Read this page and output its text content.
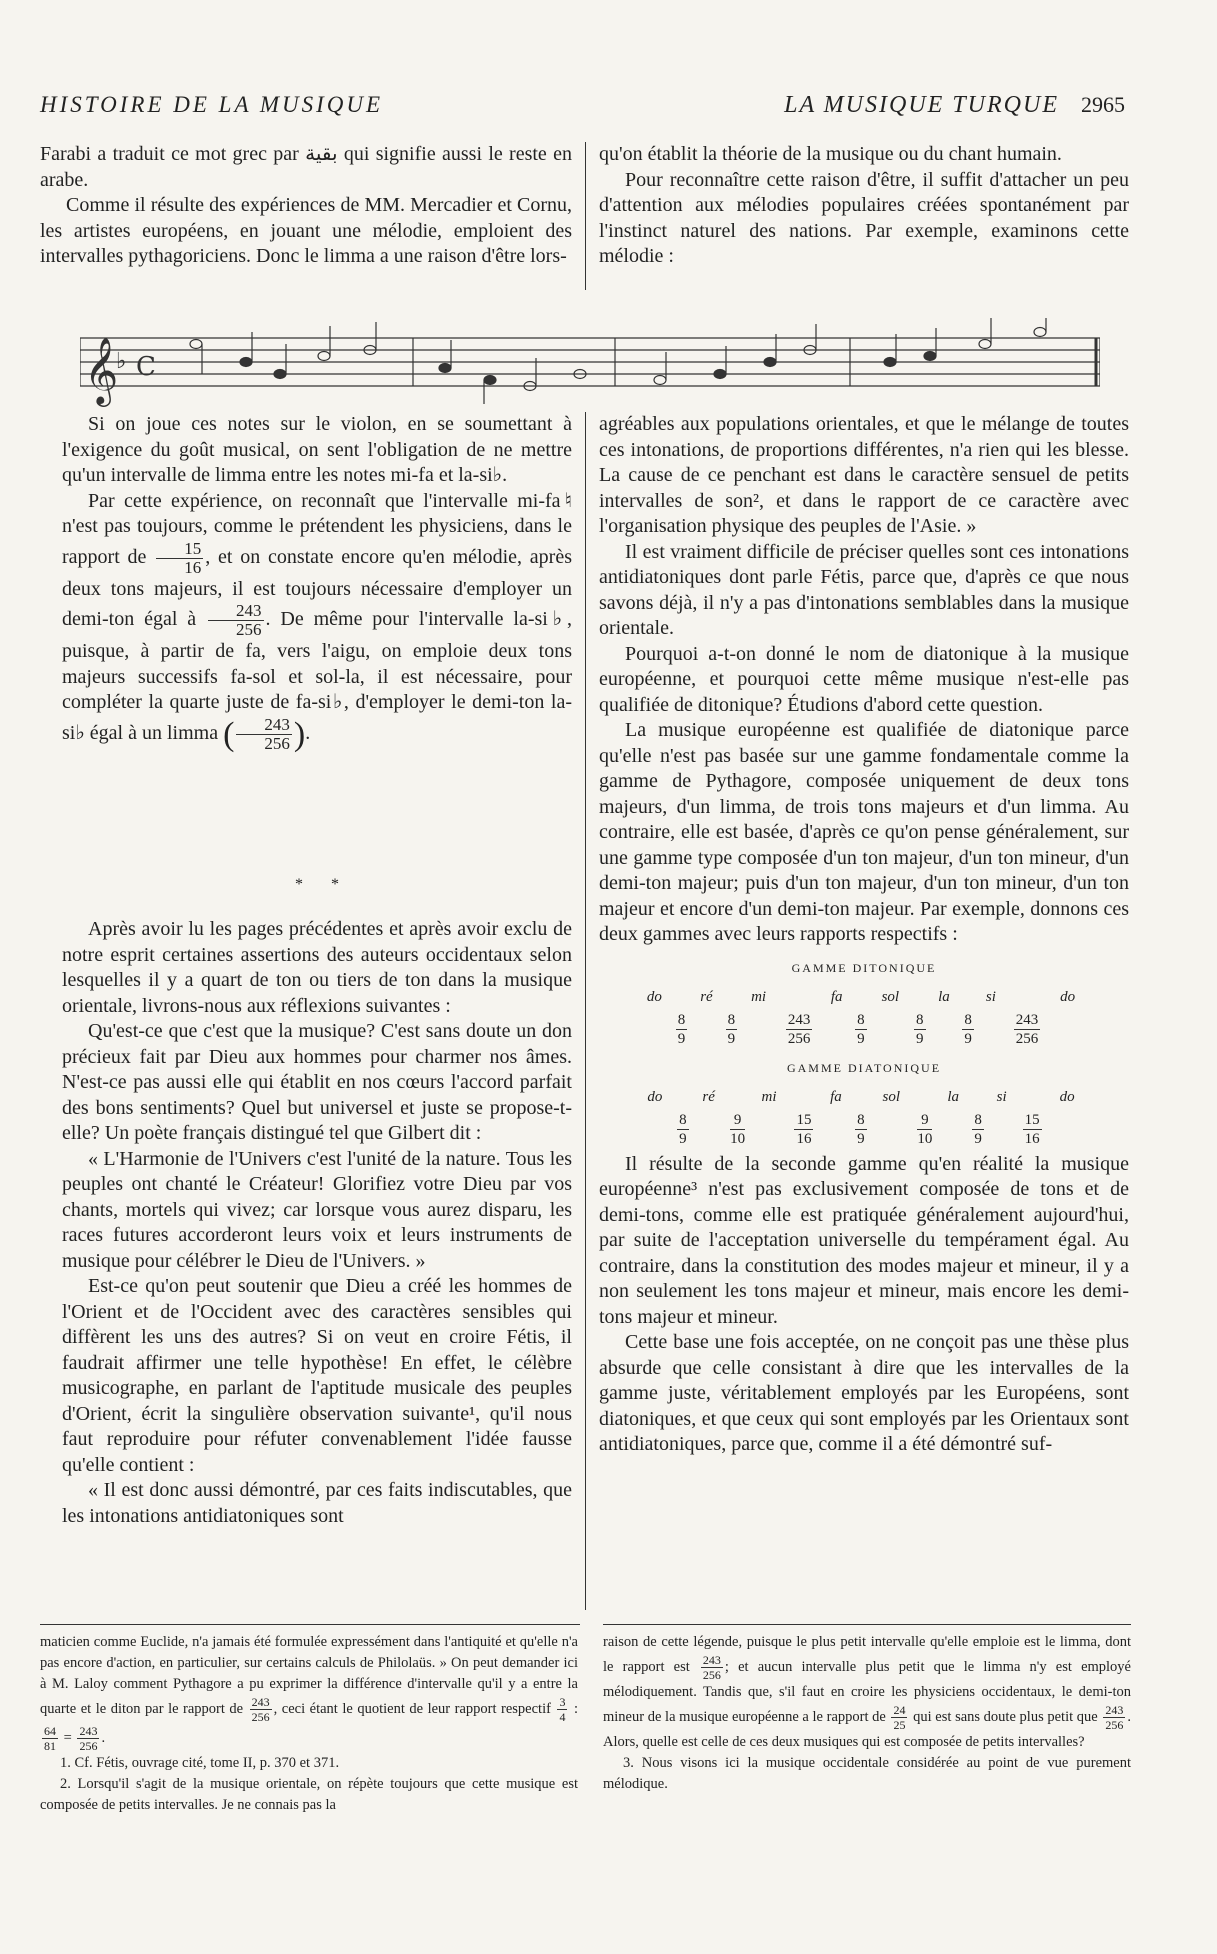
HISTOIRE DE LA MUSIQUE	LA MUSIQUE TURQUE 2965

Farabi a traduit ce mot grec par بقية qui signifie aussi le reste en arabe.

Comme il résulte des expériences de MM. Mercadier et Cornu, les artistes européens, en jouant une mélodie, emploient des intervalles pythagoriciens. Donc le limma a une raison d'être lors-

qu'on établit la théorie de la musique ou du chant humain.

Pour reconnaître cette raison d'être, il suffit d'attacher un peu d'attention aux mélodies populaires créées spontanément par l'instinct naturel des nations. Par exemple, examinons cette mélodie :

𝄞
♭ C

Si on joue ces notes sur le violon, en se soumettant à l'exigence du goût musical, on sent l'obligation de ne mettre qu'un intervalle de limma entre les notes mi-fa et la-si♭.

Par cette expérience, on reconnaît que l'intervalle mi-fa♮ n'est pas toujours, comme le prétendent les physiciens, dans le rapport de $\frac{15}{16}$ , et on constate encore qu'en mélodie, après deux tons majeurs, il est toujours nécessaire d'employer un demi-ton égal à $\frac{243}{256}$ . De même pour l'intervalle la-si♭, puisque, à partir de fa, vers l'aigu, on emploie deux tons majeurs successifs fa-sol et sol-la, il est nécessaire, pour compléter la quarte juste de fa-si♭, d'employer le demi-ton la-si♭ égal à un limma ( $\frac{243}{256}$ ).

* *

Après avoir lu les pages précédentes et après avoir exclu de notre esprit certaines assertions des auteurs occidentaux selon lesquelles il y a quart de ton ou tiers de ton dans la musique orientale, livrons-nous aux réflexions suivantes :

Qu'est-ce que c'est que la musique? C'est sans doute un don précieux fait par Dieu aux hommes pour charmer nos âmes. N'est-ce pas aussi elle qui établit en nos cœurs l'accord parfait des bons sentiments? Quel but universel et juste se propose-t-elle? Un poète français distingué tel que Gilbert dit :

« L'Harmonie de l'Univers c'est l'unité de la nature. Tous les peuples ont chanté le Créateur! Glorifiez votre Dieu par vos chants, mortels qui vivez; car lorsque vous aurez disparu, les races futures accorderont leurs voix et leurs instruments de musique pour célébrer le Dieu de l'Univers. »

Est-ce qu'on peut soutenir que Dieu a créé les hommes de l'Orient et de l'Occident avec des caractères sensibles qui diffèrent les uns des autres? Si on veut en croire Fétis, il faudrait affirmer une telle hypothèse! En effet, le célèbre musicographe, en parlant de l'aptitude musicale des peuples d'Orient, écrit la singulière observation suivante¹, qu'il nous faut reproduire pour réfuter convenablement l'idée fausse qu'elle contient :

« Il est donc aussi démontré, par ces faits indiscutables, que les intonations antidiatoniques sont

agréables aux populations orientales, et que le mélange de toutes ces intonations, de proportions différentes, n'a rien qui les blesse. La cause de ce penchant est dans le caractère sensuel de petits intervalles de son², et dans le rapport de ce caractère avec l'organisation physique des peuples de l'Asie. »

Il est vraiment difficile de préciser quelles sont ces intonations antidiatoniques dont parle Fétis, parce que, d'après ce que nous savons déjà, il n'y a pas d'intonations semblables dans la musique orientale.

Pourquoi a-t-on donné le nom de diatonique à la musique européenne, et pourquoi cette même musique n'est-elle pas qualifiée de ditonique? Étudions d'abord cette question.

La musique européenne est qualifiée de diatonique parce qu'elle n'est pas basée sur une gamme fondamentale comme la gamme de Pythagore, composée uniquement de deux tons majeurs, d'un limma, de trois tons majeurs et d'un limma. Au contraire, elle est basée, d'après ce qu'on pense généralement, sur une gamme type composée d'un ton majeur, d'un ton mineur, d'un demi-ton majeur; puis d'un ton majeur, d'un ton mineur, d'un ton majeur et encore d'un demi-ton majeur. Par exemple, donnons ces deux gammes avec leurs rapports respectifs :

GAMME DITONIQUE
do		ré		mi		fa		sol		la		si		do

	$\frac{8}{9}$		$\frac{8}{9}$		$\frac{243}{256}$		$\frac{8}{9}$		$\frac{8}{9}$		$\frac{8}{9}$		$\frac{243}{256}$

GAMME DIATONIQUE
do		ré		mi		fa		sol		la		si		do

	$\frac{8}{9}$		$\frac{9}{10}$		$\frac{15}{16}$		$\frac{8}{9}$		$\frac{9}{10}$		$\frac{8}{9}$		$\frac{15}{16}$

Il résulte de la seconde gamme qu'en réalité la musique européenne³ n'est pas exclusivement composée de tons et de demi-tons, comme elle est pratiquée généralement aujourd'hui, par suite de l'acceptation universelle du tempérament égal. Au contraire, dans la constitution des modes majeur et mineur, il y a non seulement les tons majeur et mineur, mais encore les demi-tons majeur et mineur.

Cette base une fois acceptée, on ne conçoit pas une thèse plus absurde que celle consistant à dire que les intervalles de la gamme juste, véritablement employés par les Européens, sont diatoniques, et que ceux qui sont employés par les Orientaux sont antidiatoniques, parce que, comme il a été démontré suf-

maticien comme Euclide, n'a jamais été formulée expressément dans l'antiquité et qu'elle n'a pas encore d'action, en particulier, sur certains calculs de Philolaüs. » On peut demander ici à M. Laloy comment Pythagore a pu exprimer la différence d'intervalle qu'il y a entre la quarte et le diton par le rapport de $\frac{243}{256}$ , ceci étant le quotient de leur rapport respectif $\frac{3}{4}$ :
$\frac{64}{81} = \frac{243}{256}$ .

1. Cf. Fétis, ouvrage cité, tome II, p. 370 et 371.

2. Lorsqu'il s'agit de la musique orientale, on répète toujours que cette musique est composée de petits intervalles. Je ne connais pas la

raison de cette légende, puisque le plus petit intervalle qu'elle emploie est le limma, dont le rapport est $\frac{243}{256}$ ; et aucun intervalle plus petit que le limma n'y est employé mélodiquement. Tandis que, s'il faut en croire les physiciens occidentaux, le demi-ton mineur de la musique européenne a le rapport de $\frac{24}{25}$ qui est sans doute plus petit que $\frac{243}{256}$ . Alors, quelle est celle de ces deux musiques qui est composée de petits intervalles?

3. Nous visons ici la musique occidentale considérée au point de vue purement mélodique.
